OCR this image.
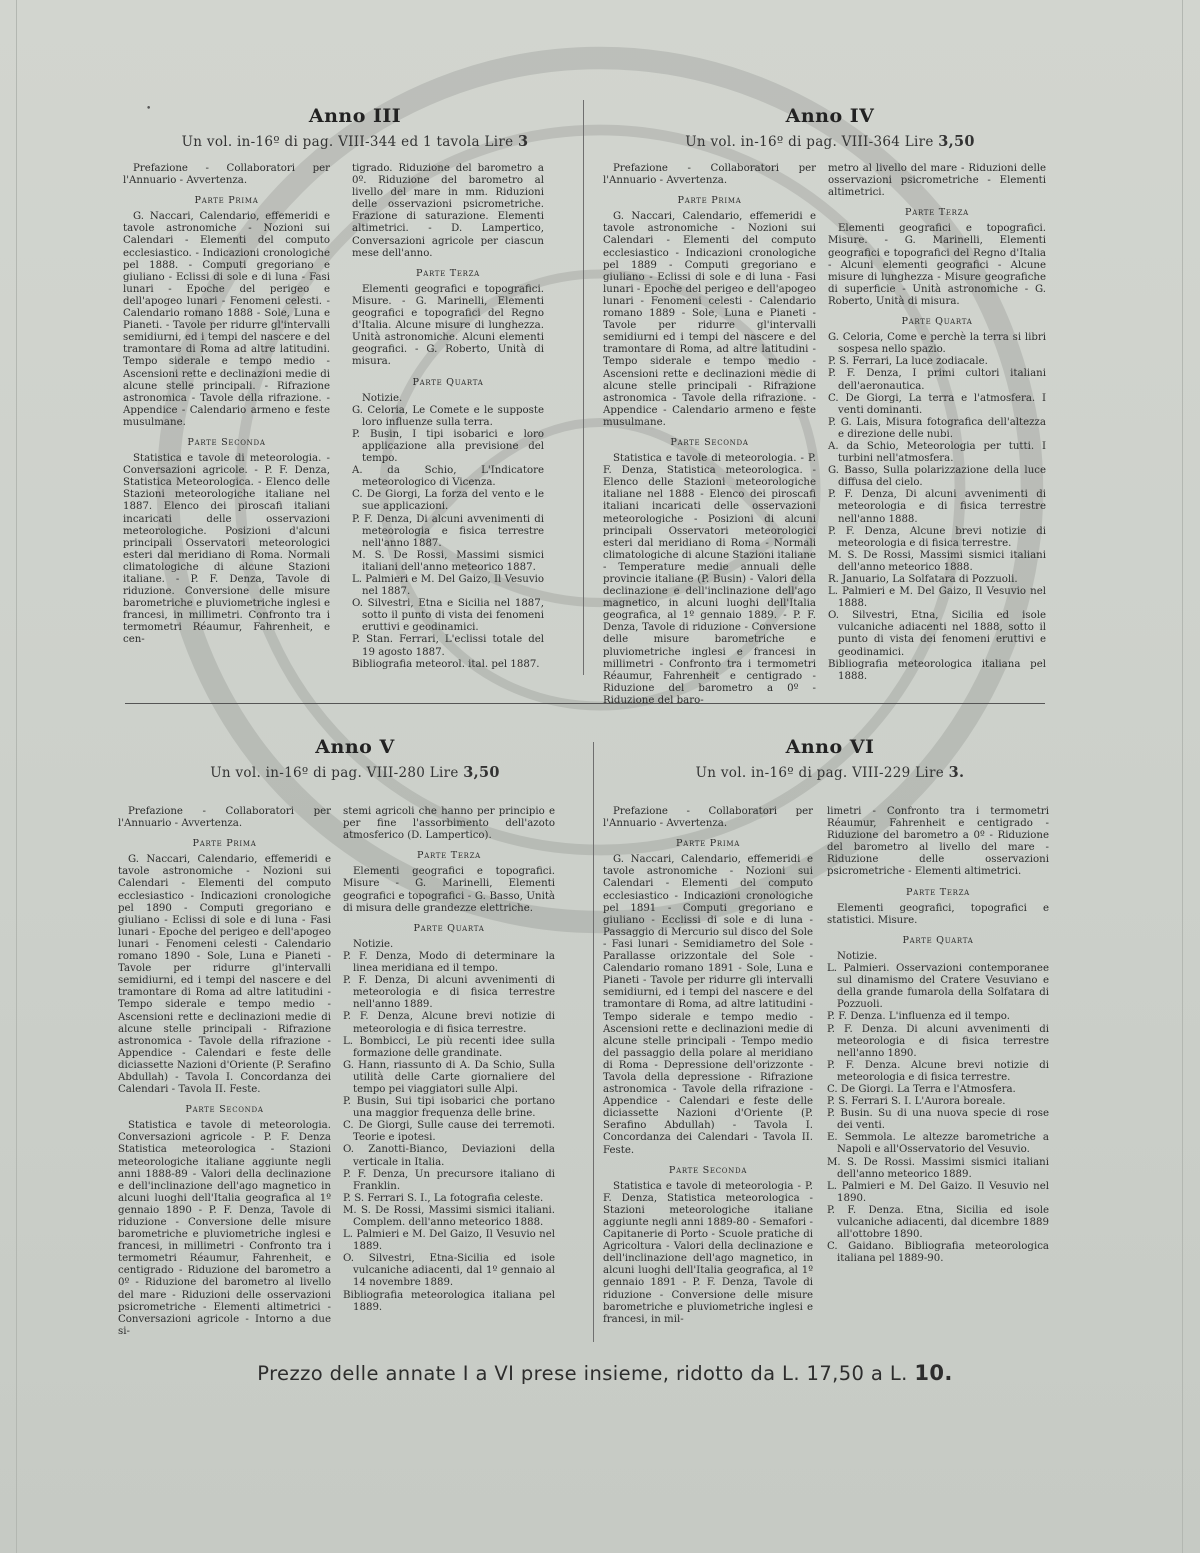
•	Anno III

Un vol. in-16º di pag. VIII-344 ed 1 tavola Lire 3

Prefazione - Collaboratori per l'Annuario - Avvertenza.

Parte Prima

G. Naccari, Calendario, effemeridi e tavole astronomiche - Nozioni sui Calendari - Elementi del computo ecclesiastico. - Indicazioni cronologiche pel 1888. - Computi gregoriano e giuliano - Eclissi di sole e di luna - Fasi lunari - Epoche del perigeo e dell'apogeo lunari - Fenomeni celesti. - Calendario romano 1888 - Sole, Luna e Pianeti. - Tavole per ridurre gl'intervalli semidiurni, ed i tempi del nascere e del tramontare di Roma ad altre latitudini. Tempo siderale e tempo medio - Ascensioni rette e declinazioni medie di alcune stelle principali. - Rifrazione astronomica - Tavole della rifrazione. - Appendice - Calendario armeno e feste musulmane.

Parte Seconda

Statistica e tavole di meteorologia. - Conversazioni agricole. - P. F. Denza, Statistica Meteorologica. - Elenco delle Stazioni meteorologiche italiane nel 1887. Elenco dei piroscafi italiani incaricati delle osservazioni meteorologiche. Posizioni d'alcuni principali Osservatori meteorologici esteri dal meridiano di Roma. Normali climatologiche di alcune Stazioni italiane. - P. F. Denza, Tavole di riduzione. Conversione delle misure barometriche e pluviometriche inglesi e francesi, in millimetri. Confronto tra i termometri Réaumur, Fahrenheit, e cen-

tigrado. Riduzione del barometro a 0º. Riduzione del barometro al livello del mare in mm. Riduzioni delle osservazioni psicrometriche. Frazione di saturazione. Elementi altimetrici. - D. Lampertico, Conversazioni agricole per ciascun mese dell'anno.

Parte Terza

Elementi geografici e topografici. Misure. - G. Marinelli, Elementi geografici e topografici del Regno d'Italia. Alcune misure di lunghezza. Unità astronomiche. Alcuni elementi geografici. - G. Roberto, Unità di misura.

Parte Quarta

Notizie.

G. Celoria, Le Comete e le supposte loro influenze sulla terra.

P. Busin, I tipi isobarici e loro applicazione alla previsione del tempo.

A. da Schio, L'Indicatore meteorologico di Vicenza.

C. De Giorgi, La forza del vento e le sue applicazioni.

P. F. Denza, Di alcuni avvenimenti di meteorologia e fisica terrestre nell'anno 1887.

M. S. De Rossi, Massimi sismici italiani dell'anno meteorico 1887.

L. Palmieri e M. Del Gaizo, Il Vesuvio nel 1887.

O. Silvestri, Etna e Sicilia nel 1887, sotto il punto di vista dei fenomeni eruttivi e geodinamici.

P. Stan. Ferrari, L'eclissi totale del 19 agosto 1887.

Bibliografia meteorol. ital. pel 1887.

Anno IV

Un vol. in-16º di pag. VIII-364 Lire 3,50

Prefazione - Collaboratori per l'Annuario - Avvertenza.

Parte Prima

G. Naccari, Calendario, effemeridi e tavole astronomiche - Nozioni sui Calendari - Elementi del computo ecclesiastico - Indicazioni cronologiche pel 1889 - Computi gregoriano e giuliano - Eclissi di sole e di luna - Fasi lunari - Epoche del perigeo e dell'apogeo lunari - Fenomeni celesti - Calendario romano 1889 - Sole, Luna e Pianeti - Tavole per ridurre gl'intervalli semidiurni ed i tempi del nascere e del tramontare di Roma, ad altre latitudini - Tempo siderale e tempo medio - Ascensioni rette e declinazioni medie di alcune stelle principali - Rifrazione astronomica - Tavole della rifrazione. - Appendice - Calendario armeno e feste musulmane.

Parte Seconda

Statistica e tavole di meteorologia. - P. F. Denza, Statistica meteorologica. - Elenco delle Stazioni meteorologiche italiane nel 1888 - Elenco dei piroscafi italiani incaricati delle osservazioni meteorologiche - Posizioni di alcuni principali Osservatori meteorologici esteri dal meridiano di Roma - Normali climatologiche di alcune Stazioni italiane - Temperature medie annuali delle provincie italiane (P. Busin) - Valori della declinazione e dell'inclinazione dell'ago magnetico, in alcuni luoghi dell'Italia geografica, al 1º gennaio 1889. - P. F. Denza, Tavole di riduzione - Conversione delle misure barometriche e pluviometriche inglesi e francesi in millimetri - Confronto tra i termometri Réaumur, Fahrenheit e centigrado - Riduzione del barometro a 0º - Riduzione del baro-

metro al livello del mare - Riduzioni delle osservazioni psicrometriche - Elementi altimetrici.

Parte Terza

Elementi geografici e topografici. Misure. - G. Marinelli, Elementi geografici e topografici del Regno d'Italia - Alcuni elementi geografici - Alcune misure di lunghezza - Misure geografiche di superficie - Unità astronomiche - G. Roberto, Unità di misura.

Parte Quarta

G. Celoria, Come e perchè la terra si libri sospesa nello spazio.

P. S. Ferrari, La luce zodiacale.

P. F. Denza, I primi cultori italiani dell'aeronautica.

C. De Giorgi, La terra e l'atmosfera. I venti dominanti.

P. G. Lais, Misura fotografica dell'altezza e direzione delle nubi.

A. da Schio, Meteorologia per tutti. I turbini nell'atmosfera.

G. Basso, Sulla polarizzazione della luce diffusa del cielo.

P. F. Denza, Di alcuni avvenimenti di meteorologia e di fisica terrestre nell'anno 1888.

P. F. Denza, Alcune brevi notizie di meteorologia e di fisica terrestre.

M. S. De Rossi, Massimi sismici italiani dell'anno meteorico 1888.

R. Januario, La Solfatara di Pozzuoli.

L. Palmieri e M. Del Gaizo, Il Vesuvio nel 1888.

O. Silvestri, Etna, Sicilia ed isole vulcaniche adiacenti nel 1888, sotto il punto di vista dei fenomeni eruttivi e geodinamici.

Bibliografia meteorologica italiana pel 1888.

Anno V

Un vol. in-16º di pag. VIII-280 Lire 3,50

Prefazione - Collaboratori per l'Annuario - Avvertenza.

Parte Prima

G. Naccari, Calendario, effemeridi e tavole astronomiche - Nozioni sui Calendari - Elementi del computo ecclesiastico - Indicazioni cronologiche pel 1890 - Computi gregoriano e giuliano - Eclissi di sole e di luna - Fasi lunari - Epoche del perigeo e dell'apogeo lunari - Fenomeni celesti - Calendario romano 1890 - Sole, Luna e Pianeti - Tavole per ridurre gl'intervalli semidiurni, ed i tempi del nascere e del tramontare di Roma ad altre latitudini - Tempo siderale e tempo medio - Ascensioni rette e declinazioni medie di alcune stelle principali - Rifrazione astronomica - Tavole della rifrazione - Appendice - Calendari e feste delle diciassette Nazioni d'Oriente (P. Serafino Abdullah) - Tavola I. Concordanza dei Calendari - Tavola II. Feste.

Parte Seconda

Statistica e tavole di meteorologia. Conversazioni agricole - P. F. Denza Statistica meteorologica - Stazioni meteorologiche italiane aggiunte negli anni 1888-89 - Valori della declinazione e dell'inclinazione dell'ago magnetico in alcuni luoghi dell'Italia geografica al 1º gennaio 1890 - P. F. Denza, Tavole di riduzione - Conversione delle misure barometriche e pluviometriche inglesi e francesi, in millimetri - Confronto tra i termometri Réaumur, Fahrenheit, e centigrado - Riduzione del barometro a 0º - Riduzione del barometro al livello del mare - Riduzioni delle osservazioni psicrometriche - Elementi altimetrici - Conversazioni agricole - Intorno a due si-

stemi agricoli che hanno per principio e per fine l'assorbimento dell'azoto atmosferico (D. Lampertico).

Parte Terza

Elementi geografici e topografici. Misure - G. Marinelli, Elementi geografici e topografici - G. Basso, Unità di misura delle grandezze elettriche.

Parte Quarta

Notizie.

P. F. Denza, Modo di determinare la linea meridiana ed il tempo.

P. F. Denza, Di alcuni avvenimenti di meteorologia e di fisica terrestre nell'anno 1889.

P. F. Denza, Alcune brevi notizie di meteorologia e di fisica terrestre.

L. Bombicci, Le più recenti idee sulla formazione delle grandinate.

G. Hann, riassunto di A. Da Schio, Sulla utilità delle Carte giornaliere del tempo pei viaggiatori sulle Alpi.

P. Busin, Sui tipi isobarici che portano una maggior frequenza delle brine.

C. De Giorgi, Sulle cause dei terremoti. Teorie e ipotesi.

O. Zanotti-Bianco, Deviazioni della verticale in Italia.

P. F. Denza, Un precursore italiano di Franklin.

P. S. Ferrari S. I., La fotografia celeste.

M. S. De Rossi, Massimi sismici italiani. Complem. dell'anno meteorico 1888.

L. Palmieri e M. Del Gaizo, Il Vesuvio nel 1889.

O. Silvestri, Etna-Sicilia ed isole vulcaniche adiacenti, dal 1º gennaio al 14 novembre 1889.

Bibliografia meteorologica italiana pel 1889.

Anno VI

Un vol. in-16º di pag. VIII-229 Lire 3.

Prefazione - Collaboratori per l'Annuario - Avvertenza.

Parte Prima

G. Naccari, Calendario, effemeridi e tavole astronomiche - Nozioni sui Calendari - Elementi del computo ecclesiastico - Indicazioni cronologiche pel 1891 - Computi gregoriano e giuliano - Ecclissi di sole e di luna - Passaggio di Mercurio sul disco del Sole - Fasi lunari - Semidiametro del Sole - Parallasse orizzontale del Sole - Calendario romano 1891 - Sole, Luna e Pianeti - Tavole per ridurre gli intervalli semidiurni, ed i tempi del nascere e del tramontare di Roma, ad altre latitudini - Tempo siderale e tempo medio - Ascensioni rette e declinazioni medie di alcune stelle principali - Tempo medio del passaggio della polare al meridiano di Roma - Depressione dell'orizzonte - Tavola della depressione - Rifrazione astronomica - Tavole della rifrazione - Appendice - Calendari e feste delle diciassette Nazioni d'Oriente (P. Serafino Abdullah) - Tavola I. Concordanza dei Calendari - Tavola II. Feste.

Parte Seconda

Statistica e tavole di meteorologia - P. F. Denza, Statistica meteorologica - Stazioni meteorologiche italiane aggiunte negli anni 1889-80 - Semafori - Capitanerie di Porto - Scuole pratiche di Agricoltura - Valori della declinazione e dell'inclinazione dell'ago magnetico, in alcuni luoghi dell'Italia geografica, al 1º gennaio 1891 - P. F. Denza, Tavole di riduzione - Conversione delle misure barometriche e pluviometriche inglesi e francesi, in mil-

limetri - Confronto tra i termometri Réaumur, Fahrenheit e centigrado - Riduzione del barometro a 0º - Riduzione del barometro al livello del mare - Riduzione delle osservazioni psicrometriche - Elementi altimetrici.

Parte Terza

Elementi geografici, topografici e statistici. Misure.

Parte Quarta

Notizie.

L. Palmieri. Osservazioni contemporanee sul dinamismo del Cratere Vesuviano e della grande fumarola della Solfatara di Pozzuoli.

P. F. Denza. L'influenza ed il tempo.

P. F. Denza. Di alcuni avvenimenti di meteorologia e di fisica terrestre nell'anno 1890.

P. F. Denza. Alcune brevi notizie di meteorologia e di fisica terrestre.

C. De Giorgi. La Terra e l'Atmosfera.

P. S. Ferrari S. I. L'Aurora boreale.

P. Busin. Su di una nuova specie di rose dei venti.

E. Semmola. Le altezze barometriche a Napoli e all'Osservatorio del Vesuvio.

M. S. De Rossi. Massimi sismici italiani dell'anno meteorico 1889.

L. Palmieri e M. Del Gaizo. Il Vesuvio nel 1890.

P. F. Denza. Etna, Sicilia ed isole vulcaniche adiacenti, dal dicembre 1889 all'ottobre 1890.

C. Gaidano. Bibliografia meteorologica italiana pel 1889-90.

Prezzo delle annate I a VI prese insieme, ridotto da L. 17,50 a L. 10.
